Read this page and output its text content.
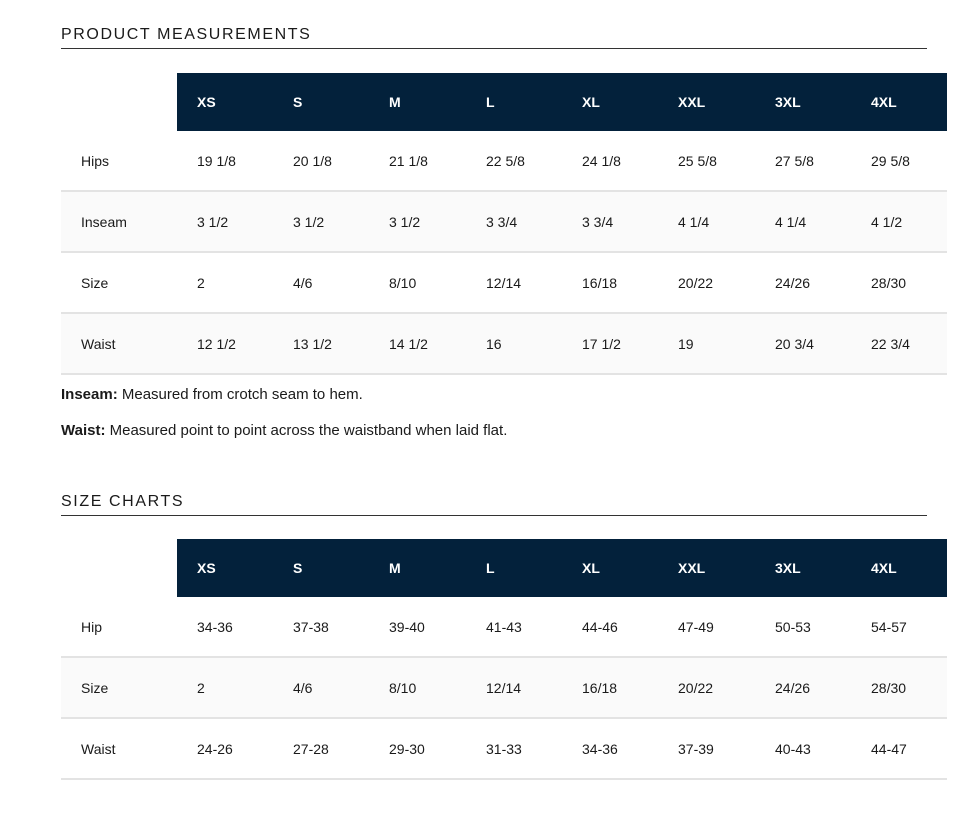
PRODUCT MEASUREMENTS
XS	S	M	L	XL	XXL	3XL	4XL
Hips	19 1/8	20 1/8	21 1/8	22 5/8	24 1/8	25 5/8	27 5/8	29 5/8
Inseam	3 1/2	3 1/2	3 1/2	3 3/4	3 3/4	4 1/4	4 1/4	4 1/2
Size	2	4/6	8/10	12/14	16/18	20/22	24/26	28/30
Waist	12 1/2	13 1/2	14 1/2	16	17 1/2	19	20 3/4	22 3/4
Inseam: Measured from crotch seam to hem.
Waist: Measured point to point across the waistband when laid flat.
SIZE CHARTS
XS	S	M	L	XL	XXL	3XL	4XL
Hip	34-36	37-38	39-40	41-43	44-46	47-49	50-53	54-57
Size	2	4/6	8/10	12/14	16/18	20/22	24/26	28/30
Waist	24-26	27-28	29-30	31-33	34-36	37-39	40-43	44-47
